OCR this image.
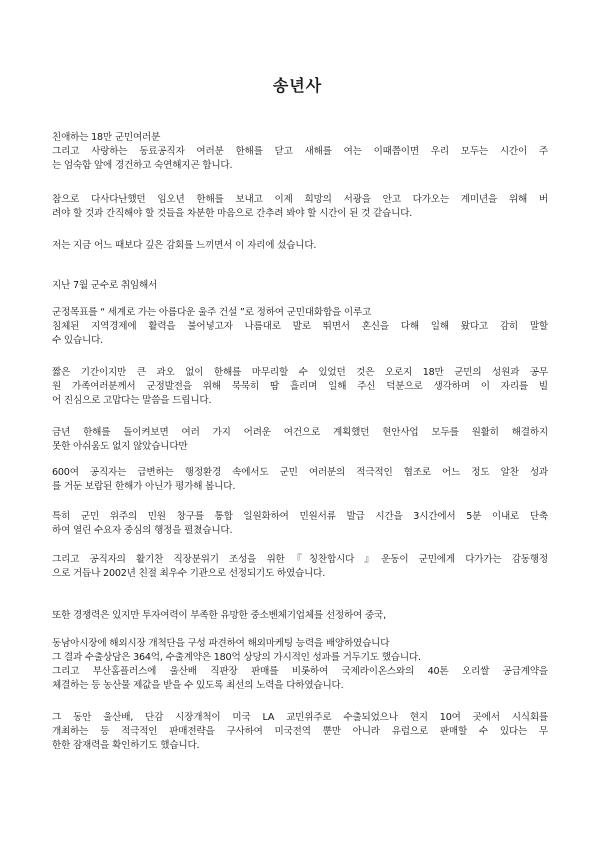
송년사
친애하는 18만 군민여러분
그리고 사랑하는 동료공직자 여러분 한해를 닫고 새해를 여는 이때쯤이면 우리 모두는 시간이 주
는 엄숙함 앞에 경건하고 숙연해지곤 합니다.
참으로 다사다난했던 임오년 한해를 보내고 이제 희망의 서광을 안고 다가오는 계미년을 위해 버
려야 할 것과 간직해야 할 것들을 차분한 마음으로 간추려 봐야 할 시간이 된 것 같습니다.
저는 지금 어느 때보다 깊은 감회를 느끼면서 이 자리에 섰습니다.
지난 7월 군수로 취임해서
군정목표를 “ 세계로 가는 아름다운 울주 건설 ”로 정하여 군민대화합을 이루고
침체된 지역경제에 활력을 불어넣고자 나름대로 발로 뛰면서 혼신을 다해 일해 왔다고 감히 말할
수 있습니다.
짧은 기간이지만 큰 과오 없이 한해를 마무리할 수 있었던 것은 오로지 18만 군민의 성원과 공무
원 가족여러분께서 군정발전을 위해 묵묵히 땀 흘리며 일해 주신 덕분으로 생각하며 이 자리를 빌
어 진심으로 고맙다는 말씀을 드립니다.
금년 한해를 돌이켜보면 여러 가지 어려운 여건으로 계획했던 현안사업 모두를 원활히 해결하지
못한 아쉬움도 없지 않았습니다만
600여 공직자는 급변하는 행정환경 속에서도 군민 여러분의 적극적인 협조로 어느 정도 알찬 성과
를 거둔 보람된 한해가 아닌가 평가해 봅니다.
특히 군민 위주의 민원 창구를 통합 일원화하여 민원서류 발급 시간을 3시간에서 5분 이내로 단축
하여 열린 수요자 중심의 행정을 펼쳤습니다.
그리고 공직자의 활기찬 직장분위기 조성을 위한『칭찬합시다 』운동이 군민에게 다가가는 감동행정
으로 거듭나 2002년 친절 최우수 기관으로 선정되기도 하였습니다.
또한 경쟁력은 있지만 투자여력이 부족한 유망한 중소벤체기업체를 선정하여 중국,
동남아시장에 해외시장 개척단을 구성 파견하여 해외마케팅 능력을 배양하였습니다
그 결과 수출상담은 364억, 수출계약은 180억 상당의 가시적인 성과를 거두기도 했습니다.
그리고 부산홈플러스에 울산배 직판장 판매를 비롯하여 국제라이온스와의 40톤 오리쌀 공급계약을
체결하는 등 농산물 제값을 받을 수 있도록 최선의 노력을 다하였습니다.
그 동안 울산배, 단감 시장개척이 미국 LA 교민위주로 수출되었으나 현지 10여 곳에서 시식회를
개최하는 등 적극적인 판매전략을 구사하여 미국전역 뿐만 아니라 유럽으로 판매할 수 있다는 무
한한 잠재력을 확인하기도 했습니다.
